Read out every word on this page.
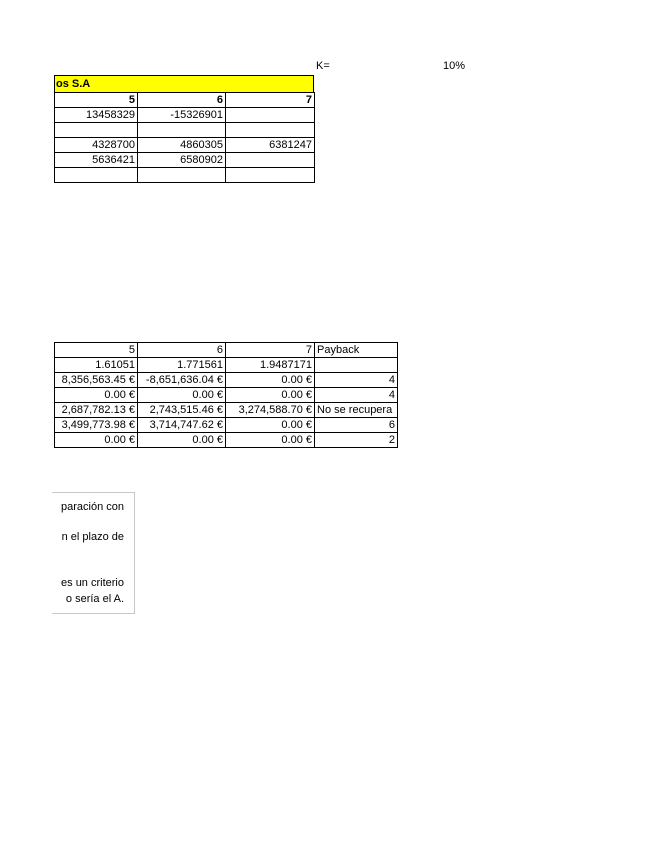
K=	10%
os S.A
5	6	7
13458329	-15326901	

4328700	4860305	6381247
5636421	6580902	

5	6	7	Payback
1.61051	1.771561	1.9487171	
8,356,563.45 €	-8,651,636.04 €	0.00 €	4
0.00 €	0.00 €	0.00 €	4
2,687,782.13 €	2,743,515.46 €	3,274,588.70 €	No se recupera
3,499,773.98 €	3,714,747.62 €	0.00 €	6
0.00 €	0.00 €	0.00 €	2
paración con
n el plazo de
es un criterio
o sería el A.
